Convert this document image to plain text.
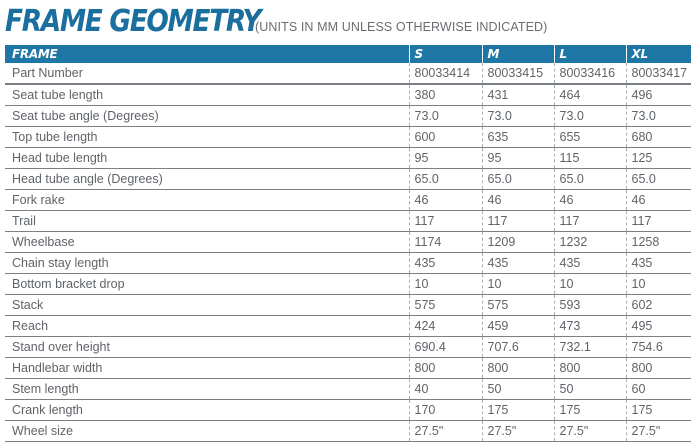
FRAME GEOMETRY
(UNITS IN MM UNLESS OTHERWISE INDICATED)
FRAME	S	M	L	XL
Part Number	80033414	80033415	80033416	80033417
Seat tube length	380	431	464	496
Seat tube angle (Degrees)	73.0	73.0	73.0	73.0
Top tube length	600	635	655	680
Head tube length	95	95	115	125
Head tube angle (Degrees)	65.0	65.0	65.0	65.0
Fork rake	46	46	46	46
Trail	117	117	117	117
Wheelbase	1174	1209	1232	1258
Chain stay length	435	435	435	435
Bottom bracket drop	10	10	10	10
Stack	575	575	593	602
Reach	424	459	473	495
Stand over height	690.4	707.6	732.1	754.6
Handlebar width	800	800	800	800
Stem length	40	50	50	60
Crank length	170	175	175	175
Wheel size	27.5"	27.5"	27.5"	27.5"
